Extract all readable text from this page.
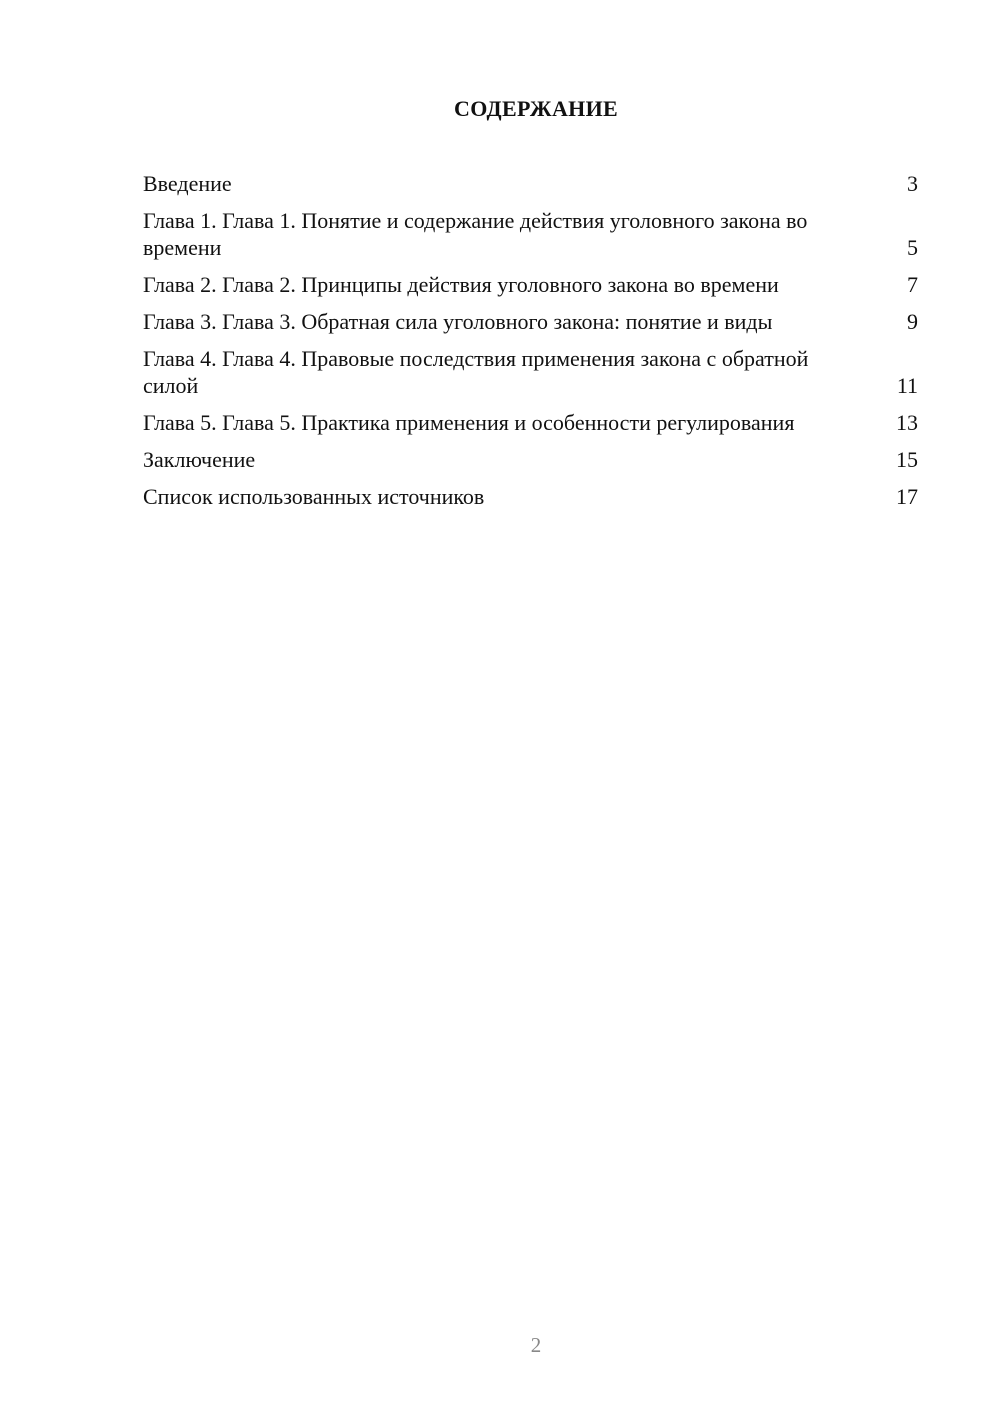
СОДЕРЖАНИЕ
Введение	3
Глава 1. Глава 1. Понятие и содержание действия уголовного закона во времени	5
Глава 2. Глава 2. Принципы действия уголовного закона во времени	7
Глава 3. Глава 3. Обратная сила уголовного закона: понятие и виды	9
Глава 4. Глава 4. Правовые последствия применения закона с обратной силой	11
Глава 5. Глава 5. Практика применения и особенности регулирования	13
Заключение	15
Список использованных источников	17
2
